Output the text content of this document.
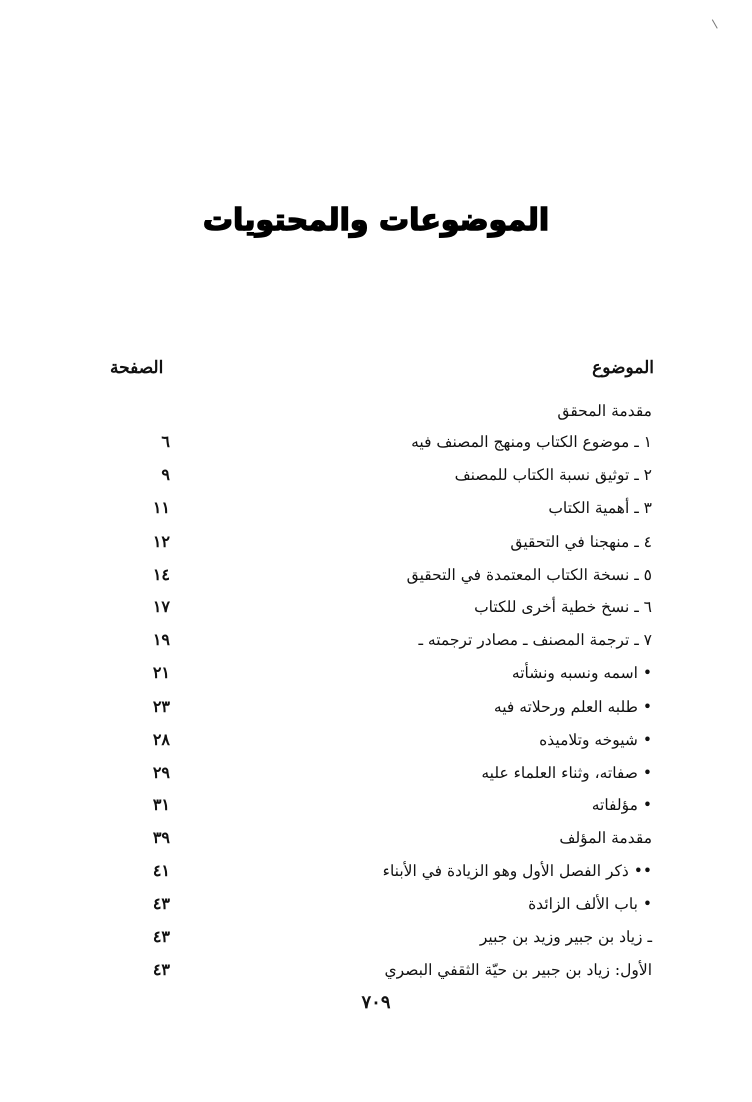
الموضوعات والمحتويات
الموضوع
الصفحة
مقدمة المحقق
١ ـ موضوع الكتاب ومنهج المصنف فيه
٦
٢ ـ توثيق نسبة الكتاب للمصنف
٩
٣ ـ أهمية الكتاب
١١
٤ ـ منهجنا في التحقيق
١٢
٥ ـ نسخة الكتاب المعتمدة في التحقيق
١٤
٦ ـ نسخ خطية أخرى للكتاب
١٧
٧ ـ ترجمة المصنف ـ مصادر ترجمته ـ
١٩
• اسمه ونسبه ونشأته
٢١
• طلبه العلم ورحلاته فيه
٢٣
• شيوخه وتلاميذه
٢٨
• صفاته، وثناء العلماء عليه
٢٩
• مؤلفاته
٣١
مقدمة المؤلف
٣٩
•• ذكر الفصل الأول وهو الزيادة في الأبناء
٤١
• باب الألف الزائدة
٤٣
ـ زياد بن جبير وزيد بن جبير
٤٣
الأول: زياد بن جبير بن حيّة الثقفي البصري
٤٣
٧٠٩
